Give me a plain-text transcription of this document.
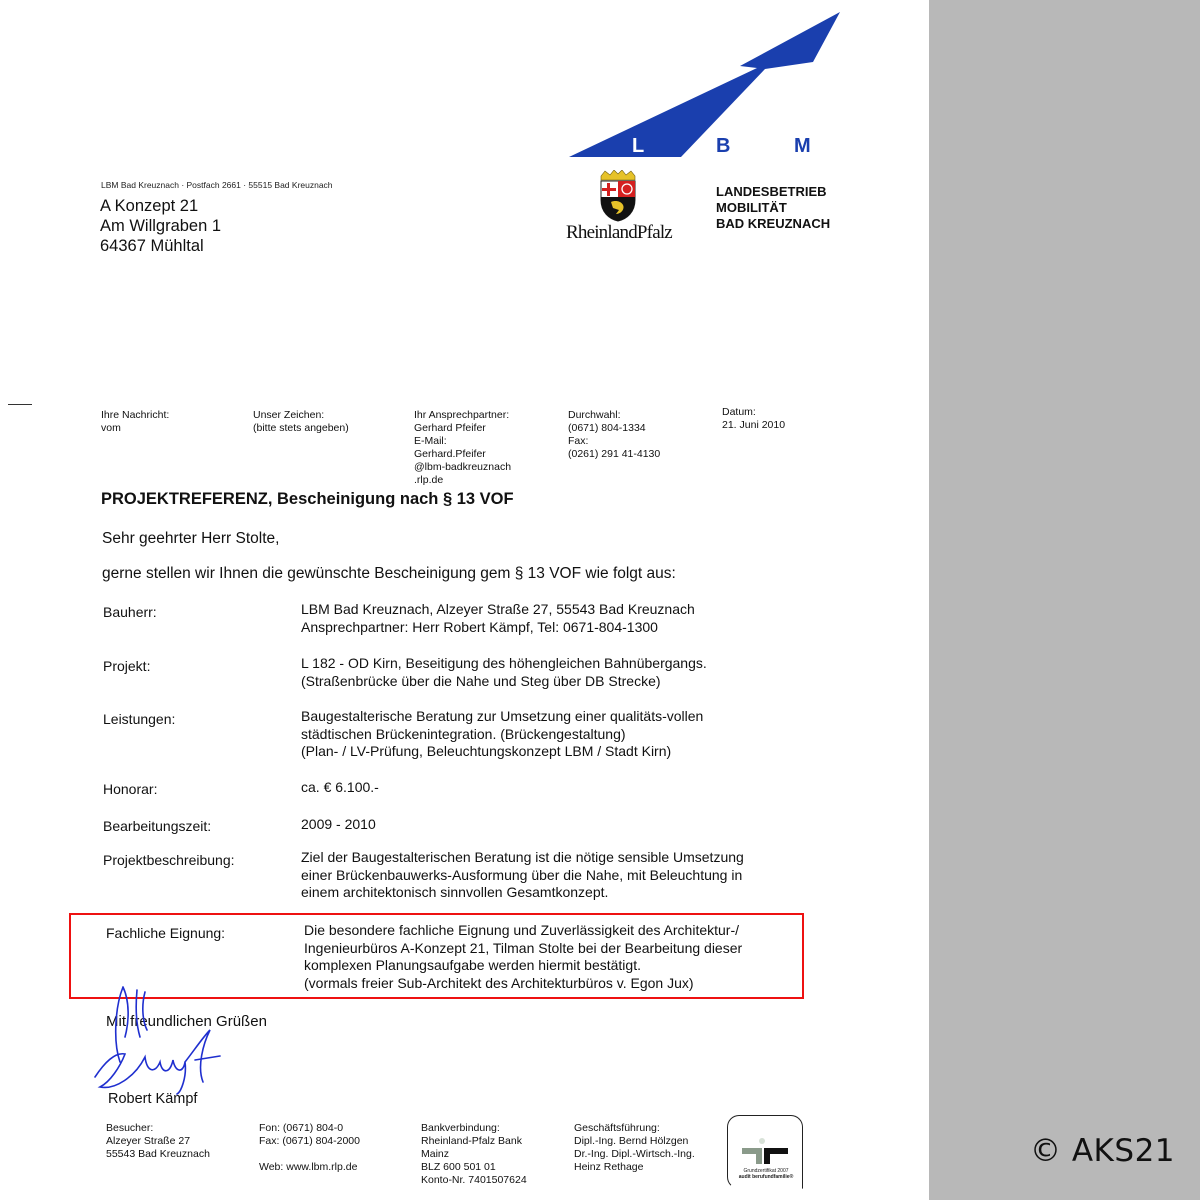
L	B	M
RheinlandPfalz
LANDESBETRIEB
MOBILITÄT
BAD KREUZNACH
LBM Bad Kreuznach · Postfach 2661 · 55515 Bad Kreuznach
A Konzept 21
Am Willgraben 1
64367 Mühltal
Ihre Nachricht:
vom
Unser Zeichen:
(bitte stets angeben)
Ihr Ansprechpartner:
Gerhard Pfeifer
E-Mail:
Gerhard.Pfeifer
@lbm-badkreuznach
.rlp.de
Durchwahl:
(0671) 804-1334
Fax:
(0261) 291 41-4130
Datum:
21. Juni 2010
PROJEKTREFERENZ, Bescheinigung nach § 13 VOF
Sehr geehrter Herr Stolte,
gerne stellen wir Ihnen die gewünschte Bescheinigung gem § 13 VOF wie folgt aus:
Bauherr:	LBM Bad Kreuznach, Alzeyer Straße 27, 55543 Bad Kreuznach
Ansprechpartner: Herr Robert Kämpf, Tel: 0671-804-1300
Projekt:	L 182 - OD Kirn, Beseitigung des höhengleichen Bahnübergangs.
(Straßenbrücke über die Nahe und Steg über DB Strecke)
Leistungen:	Baugestalterische Beratung zur Umsetzung einer qualitäts-vollen
städtischen Brückenintegration. (Brückengestaltung)
(Plan- / LV-Prüfung, Beleuchtungskonzept LBM / Stadt Kirn)
Honorar:	ca. € 6.100.-
Bearbeitungszeit:	2009 - 2010
Projektbeschreibung:	Ziel der Baugestalterischen Beratung ist die nötige sensible Umsetzung
einer Brückenbauwerks-Ausformung über die Nahe, mit Beleuchtung in
einem architektonisch sinnvollen Gesamtkonzept.
Fachliche Eignung:	Die besondere fachliche Eignung und Zuverlässigkeit des Architektur-/
Ingenieurbüros A-Konzept 21, Tilman Stolte bei der Bearbeitung dieser
komplexen Planungsaufgabe werden hiermit bestätigt.
(vormals freier Sub-Architekt des Architekturbüros v. Egon Jux)
Mit freundlichen Grüßen
Robert Kämpf
Besucher:
Alzeyer Straße 27
55543 Bad Kreuznach
Fon: (0671) 804-0
Fax: (0671) 804-2000
Web: www.lbm.rlp.de
Bankverbindung:
Rheinland-Pfalz Bank
Mainz
BLZ 600 501 01
Konto-Nr. 7401507624
Geschäftsführung:
Dipl.-Ing. Bernd Hölzgen
Dr.-Ing. Dipl.-Wirtsch.-Ing.
Heinz Rethage	Grundzertifikat 2007
audit berufundfamilie®
© AKS21
